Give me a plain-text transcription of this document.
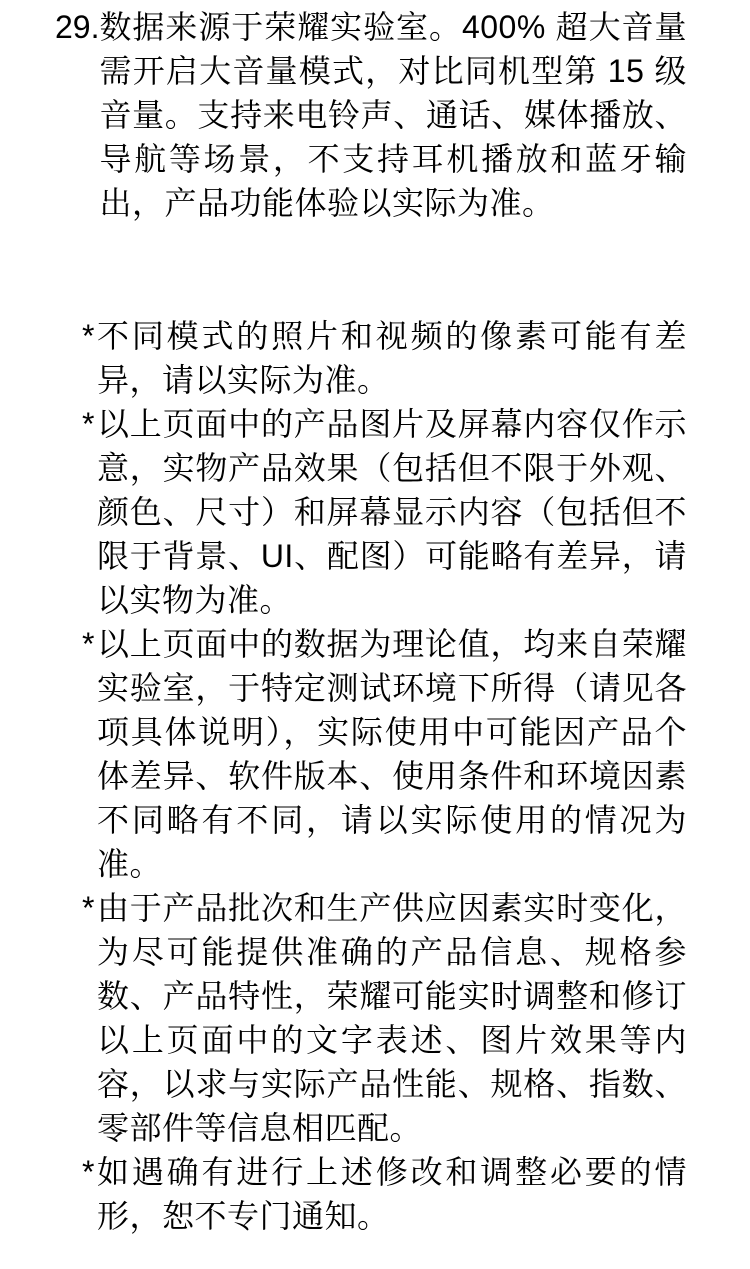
29. 数据来源于荣耀实验室。400% 超大音量需开启大音量模式，对比同机型第 15 级音量。支持来电铃声、通话、媒体播放、导航等场景，不支持耳机播放和蓝牙输出，产品功能体验以实际为准。

* 不同模式的照片和视频的像素可能有差异，请以实际为准。

* 以上页面中的产品图片及屏幕内容仅作示意，实物产品效果（包括但不限于外观、颜色、尺寸）和屏幕显示内容（包括但不限于背景、UI、配图）可能略有差异，请以实物为准。

* 以上页面中的数据为理论值，均来自荣耀实验室，于特定测试环境下所得（请见各项具体说明），实际使用中可能因产品个体差异、软件版本、使用条件和环境因素不同略有不同，请以实际使用的情况为准。

* 由于产品批次和生产供应因素实时变化，为尽可能提供准确的产品信息、规格参数、产品特性，荣耀可能实时调整和修订以上页面中的文字表述、图片效果等内容，以求与实际产品性能、规格、指数、零部件等信息相匹配。

* 如遇确有进行上述修改和调整必要的情形，恕不专门通知。
